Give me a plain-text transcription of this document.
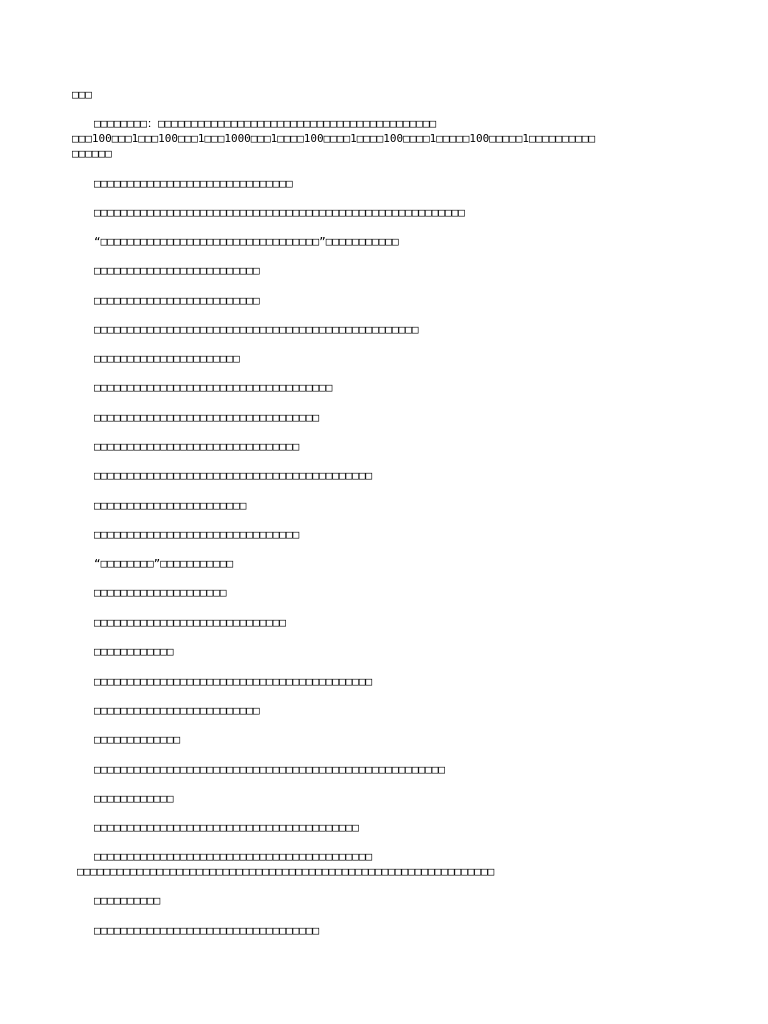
□□□
　　□□□□□□□□：□□□□□□□□□□□□□□□□□□□□□□□□□□□□□□□□□□□□□□□□□□
□□□100□□□1□□□100□□□1□□□1000□□□1□□□□100□□□□1□□□□100□□□□1□□□□□100□□□□□1□□□□□□□□□□
□□□□□□
　　□□□□□□□□□□□□□□□□□□□□□□□□□□□□□□
　　□□□□□□□□□□□□□□□□□□□□□□□□□□□□□□□□□□□□□□□□□□□□□□□□□□□□□□□□
　　“□□□□□□□□□□□□□□□□□□□□□□□□□□□□□□□□□”□□□□□□□□□□□
　　□□□□□□□□□□□□□□□□□□□□□□□□□
　　□□□□□□□□□□□□□□□□□□□□□□□□□
　　□□□□□□□□□□□□□□□□□□□□□□□□□□□□□□□□□□□□□□□□□□□□□□□□□
　　□□□□□□□□□□□□□□□□□□□□□□
　　□□□□□□□□□□□□□□□□□□□□□□□□□□□□□□□□□□□□
　　□□□□□□□□□□□□□□□□□□□□□□□□□□□□□□□□□□
　　□□□□□□□□□□□□□□□□□□□□□□□□□□□□□□□
　　□□□□□□□□□□□□□□□□□□□□□□□□□□□□□□□□□□□□□□□□□□
　　□□□□□□□□□□□□□□□□□□□□□□□
　　□□□□□□□□□□□□□□□□□□□□□□□□□□□□□□□
　　“□□□□□□□□”□□□□□□□□□□□
　　□□□□□□□□□□□□□□□□□□□□
　　□□□□□□□□□□□□□□□□□□□□□□□□□□□□□
　　□□□□□□□□□□□□
　　□□□□□□□□□□□□□□□□□□□□□□□□□□□□□□□□□□□□□□□□□□
　　□□□□□□□□□□□□□□□□□□□□□□□□□
　　□□□□□□□□□□□□□
　　□□□□□□□□□□□□□□□□□□□□□□□□□□□□□□□□□□□□□□□□□□□□□□□□□□□□□
　　□□□□□□□□□□□□
　　□□□□□□□□□□□□□□□□□□□□□□□□□□□□□□□□□□□□□□□□
　　□□□□□□□□□□□□□□□□□□□□□□□□□□□□□□□□□□□□□□□□□□
□□□□□□□□□□□□□□□□□□□□□□□□□□□□□□□□□□□□□□□□□□□□□□□□□□□□□□□□□□□□□□□
　　□□□□□□□□□□
　　□□□□□□□□□□□□□□□□□□□□□□□□□□□□□□□□□□
